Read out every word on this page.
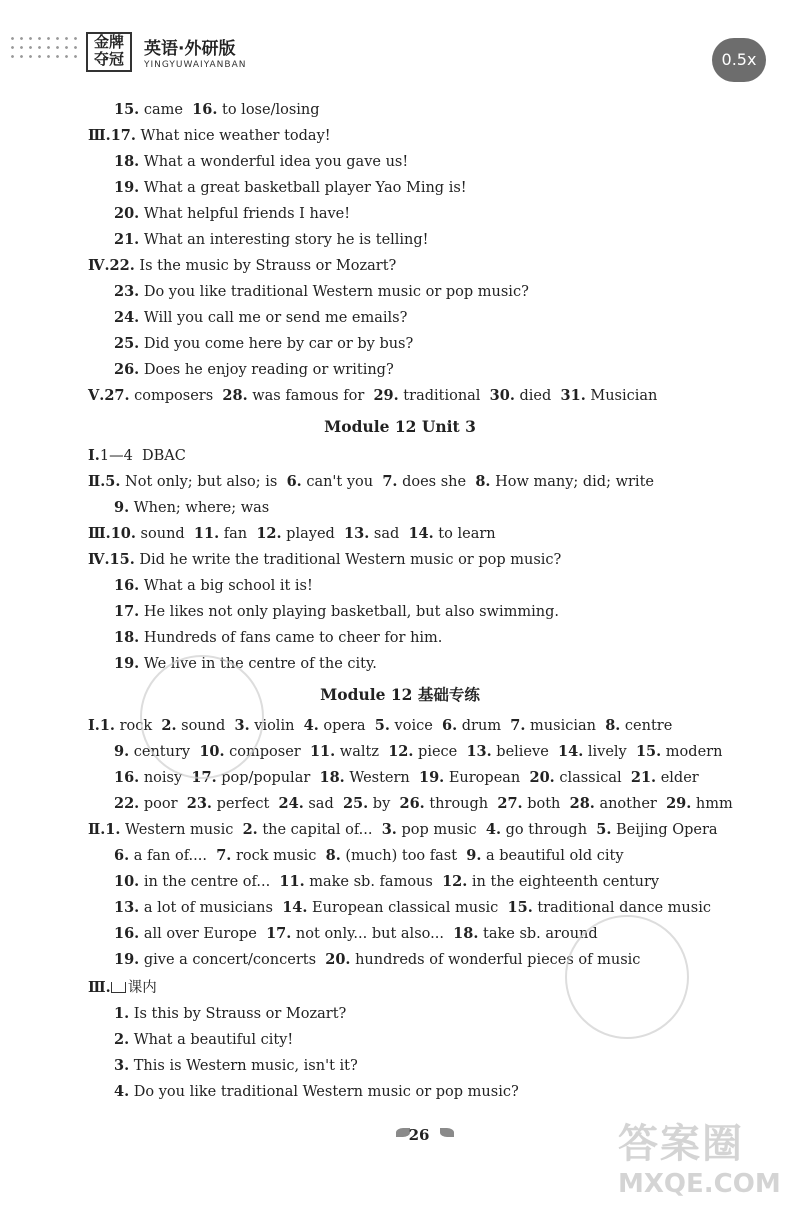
金牌
夺冠	英语·外研版
YINGYUWAIYANBAN	0.5x
15. came  16. to lose/losing
Ⅲ.17. What nice weather today!
18. What a wonderful idea you gave us!
19. What a great basketball player Yao Ming is!
20. What helpful friends I have!
21. What an interesting story he is telling!
Ⅳ.22. Is the music by Strauss or Mozart?
23. Do you like traditional Western music or pop music?
24. Will you call me or send me emails?
25. Did you come here by car or by bus?
26. Does he enjoy reading or writing?
Ⅴ.27. composers  28. was famous for  29. traditional  30. died  31. Musician
Module 12 Unit 3
Ⅰ.1—4  DBAC
Ⅱ.5. Not only; but also; is  6. can't you  7. does she  8. How many; did; write
9. When; where; was
Ⅲ.10. sound  11. fan  12. played  13. sad  14. to learn
Ⅳ.15. Did he write the traditional Western music or pop music?
16. What a big school it is!
17. He likes not only playing basketball, but also swimming.
18. Hundreds of fans came to cheer for him.
19. We live in the centre of the city.
Module 12 基础专练
Ⅰ.1. rock  2. sound  3. violin  4. opera  5. voice  6. drum  7. musician  8. centre
9. century  10. composer  11. waltz  12. piece  13. believe  14. lively  15. modern
16. noisy  17. pop/popular  18. Western  19. European  20. classical  21. elder
22. poor  23. perfect  24. sad  25. by  26. through  27. both  28. another  29. hmm
Ⅱ.1. Western music  2. the capital of...  3. pop music  4. go through  5. Beijing Opera
6. a fan of....  7. rock music  8. (much) too fast  9. a beautiful old city
10. in the centre of...  11. make sb. famous  12. in the eighteenth century
13. a lot of musicians  14. European classical music  15. traditional dance music
16. all over Europe  17. not only... but also...  18. take sb. around
19. give a concert/concerts  20. hundreds of wonderful pieces of music
Ⅲ. 课内
1. Is this by Strauss or Mozart?
2. What a beautiful city!
3. This is Western music, isn't it?
4. Do you like traditional Western music or pop music?
26	答案圈
MXQE.COM
